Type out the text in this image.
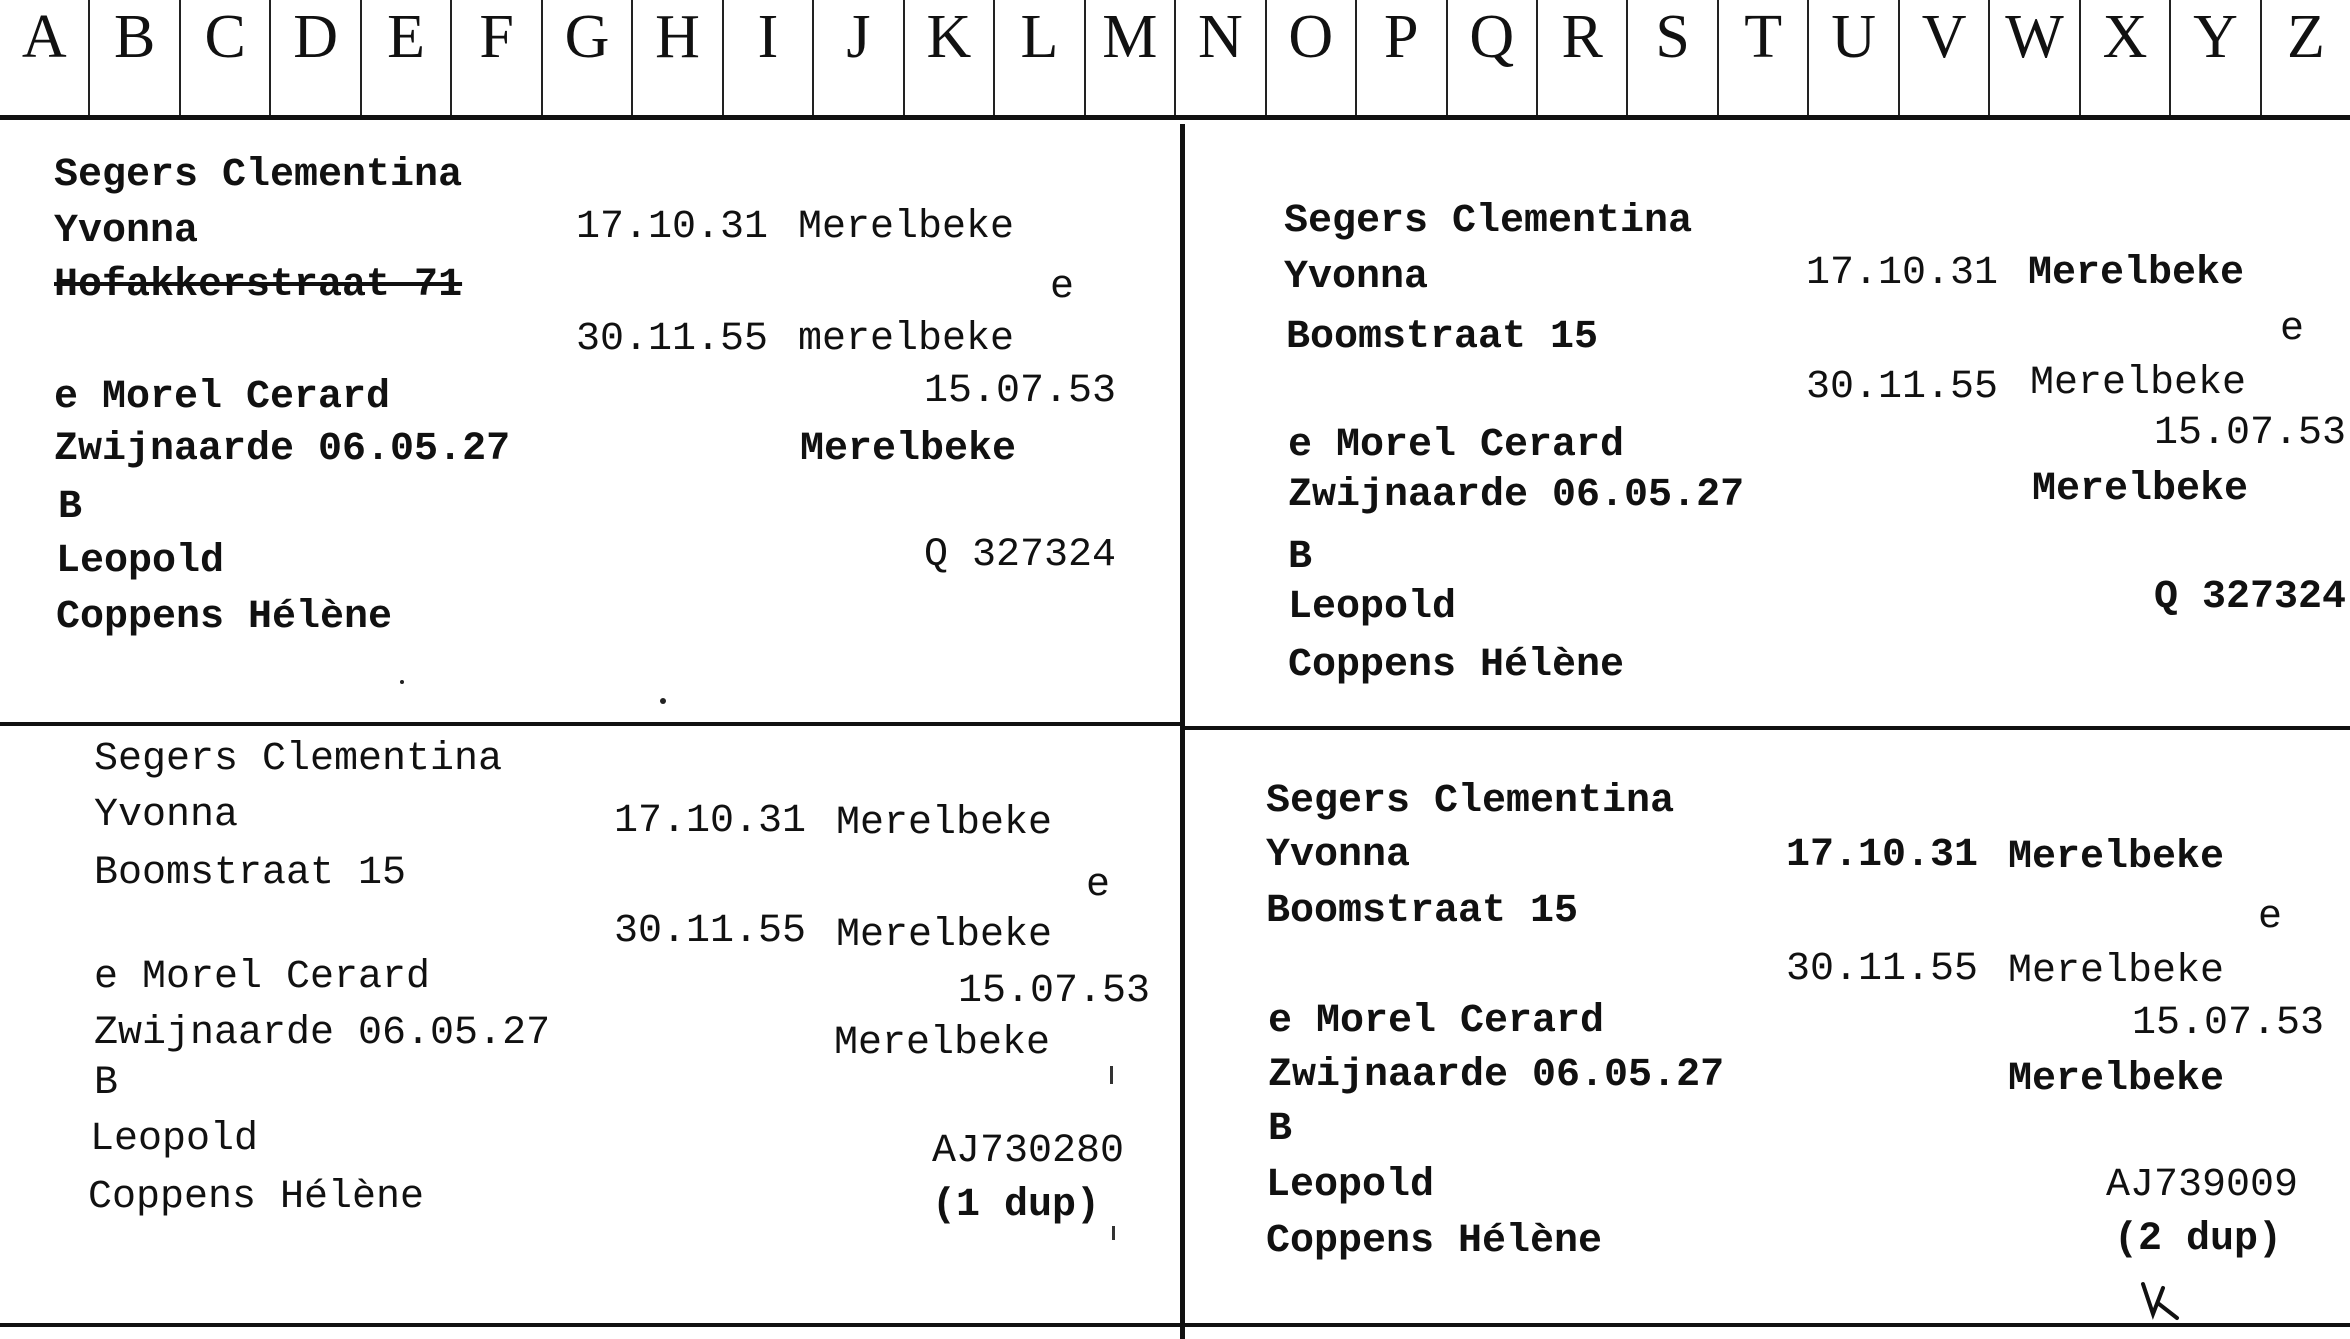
A B C D E F G H I	J K L M N O P Q R S T U V W X Y Z
Segers Clementina
Yvonna	17.10.31 Merelbeke
Hofakkerstraat 71	e
30.11.55 merelbeke
e Morel Cerard	15.07.53
Zwijnaarde 06.05.27	Merelbeke
B
Leopold	Q 327324
Coppens Hélène
Segers Clementina
Yvonna	17.10.31 Merelbeke
Boomstraat 15	e
30.11.55 Merelbeke
e Morel Cerard	15.07.53
Zwijnaarde 06.05.27	Merelbeke
B
Leopold	Q 327324
Coppens Hélène
Segers Clementina
Yvonna	17.10.31 Merelbeke
Boomstraat 15	e
30.11.55 Merelbeke
e Morel Cerard	15.07.53
Zwijnaarde 06.05.27	Merelbeke
B
Leopold	AJ730280
Coppens Hélène	(1 dup)
Segers Clementina
Yvonna	17.10.31 Merelbeke
Boomstraat 15	e
30.11.55 Merelbeke
e Morel Cerard	15.07.53
Zwijnaarde 06.05.27	Merelbeke
B
Leopold	AJ739009
Coppens Hélène	(2 dup)
